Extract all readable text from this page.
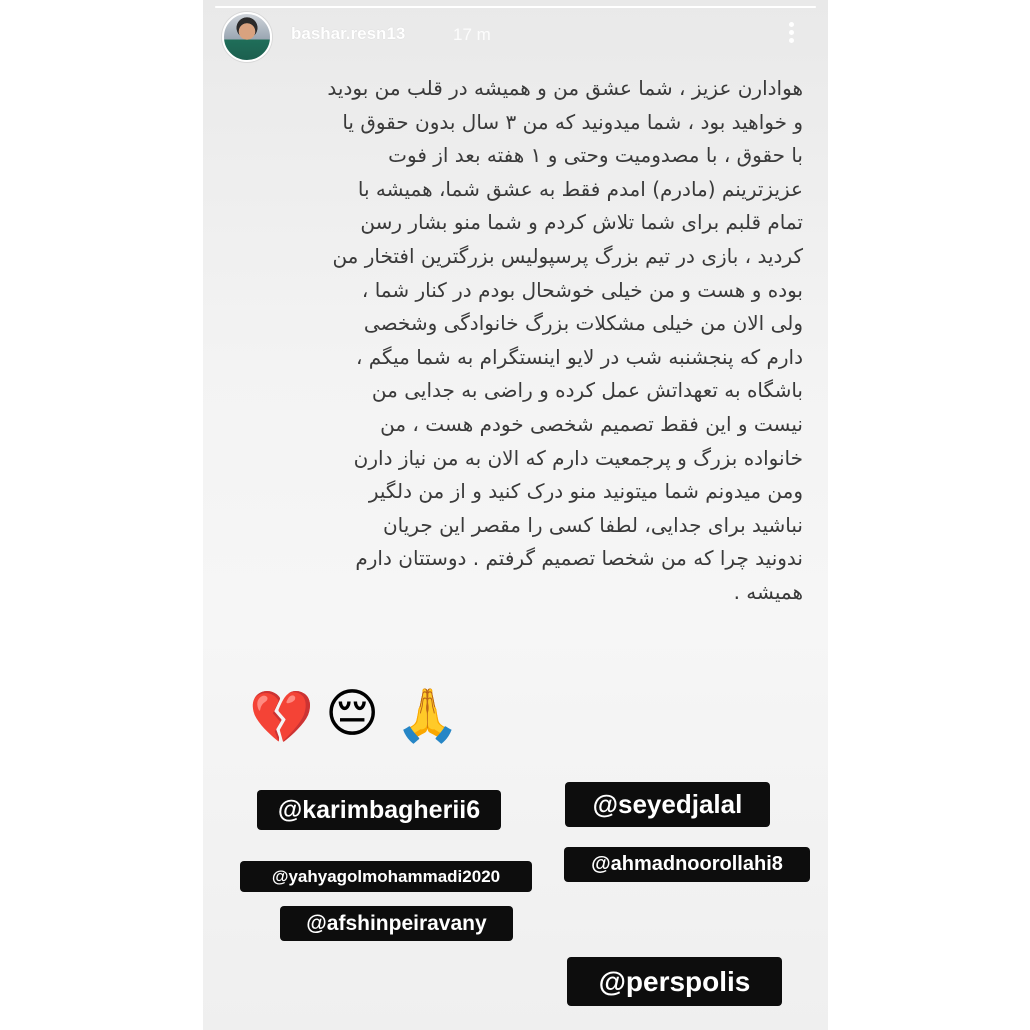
bashar.resn13	17 m
هوادارن عزیز ، شما عشق من و همیشه در قلب من بودید
و خواهید بود ، شما میدونید که من ۳ سال بدون حقوق یا
با حقوق ، با مصدومیت وحتی و ۱ هفته بعد از فوت
عزیزترینم (مادرم) امدم فقط به عشق شما، همیشه با
تمام قلبم برای شما تلاش کردم و شما منو بشار رسن
کردید ، بازی در تیم بزرگ پرسپولیس بزرگترین افتخار من
بوده و هست و من خیلی خوشحال بودم در کنار شما ،
ولی الان من خیلی مشکلات بزرگ خانوادگی وشخصی
دارم که پنجشنبه شب در لایو اینستگرام به شما میگم ،
باشگاه به تعهداتش عمل کرده و راضی به جدایی من
نیست و این فقط تصمیم شخصی خودم هست ، من
خانواده بزرگ و پرجمعیت دارم که الان به من نیاز دارن
ومن میدونم شما میتونید منو درک کنید و از من دلگیر
نباشید برای جدایی، لطفا کسی را مقصر این جریان
ندونید چرا که من شخصا تصمیم گرفتم . دوستتان دارم
همیشه .
💔 😔 🙏
@karimbagherii6	@seyedjalal
@yahyagolmohammadi2020
@ahmadnoorollahi8
@afshinpeiravany
@perspolis
